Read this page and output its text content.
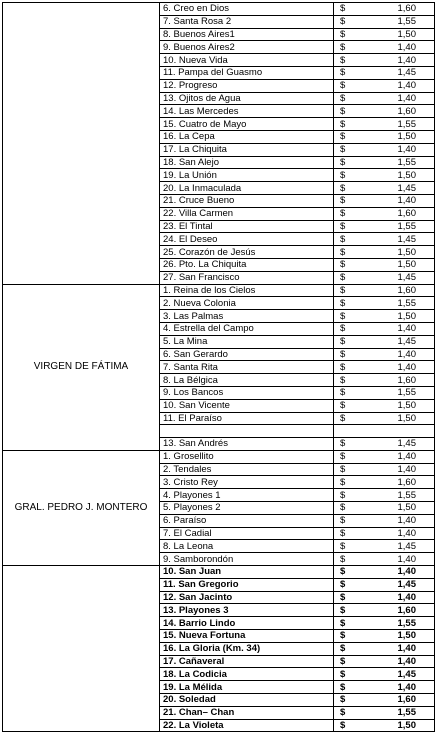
	6. Creo en Dios	$	1,60
	7. Santa Rosa 2	$	1,55
	8. Buenos Aires1	$	1,50
	9. Buenos Aires2	$	1,40
	10. Nueva Vida	$	1,40
	11. Pampa del Guasmo	$	1,45
	12. Progreso	$	1,40
	13. Ojitos de Agua	$	1,40
	14. Las Mercedes	$	1,60
	15. Cuatro de Mayo	$	1,55
	16. La Cepa	$	1,50
	17. La Chiquita	$	1,40
	18. San Alejo	$	1,55
	19. La Unión	$	1,50
	20. La Inmaculada	$	1,45
	21. Cruce Bueno	$	1,40
	22. Villa Carmen	$	1,60
	23. El Tintal	$	1,55
	24. El Deseo	$	1,45
	25. Corazón de Jesús	$	1,50
	26. Pto. La Chiquita	$	1,50
	27. San Francisco	$	1,45
VIRGEN DE FÁTIMA	1. Reina de los Cielos	$	1,60
	2. Nueva Colonia	$	1,55
	3. Las Palmas	$	1,50
	4. Estrella del Campo	$	1,40
	5. La Mina	$	1,45
	6. San Gerardo	$	1,40
	7. Santa Rita	$	1,40
	8. La Bélgica	$	1,60
	9. Los Bancos	$	1,55
	10. San Vicente	$	1,50
	11. El Paraíso	$	1,50

	13. San Andrés	$	1,45
GRAL. PEDRO J. MONTERO	1. Grosellito	$	1,40
	2. Tendales	$	1,40
	3. Cristo Rey	$	1,60
	4. Playones 1	$	1,55
	5. Playones 2	$	1,50
	6. Paraíso	$	1,40
	7. El Cadial	$	1,40
	8. La Leona	$	1,45
	9. Samborondón	$	1,40
	10. San Juan	$	1,40
	11. San Gregorio	$	1,45
	12. San Jacinto	$	1,40
	13. Playones 3	$	1,60
	14. Barrio Lindo	$	1,55
	15. Nueva Fortuna	$	1,50
	16. La Gloria (Km. 34)	$	1,40
	17. Cañaveral	$	1,40
	18. La Codicia	$	1,45
	19. La Mélida	$	1,40
	20. Soledad	$	1,60
	21. Chan– Chan	$	1,55
	22. La Violeta	$	1,50
